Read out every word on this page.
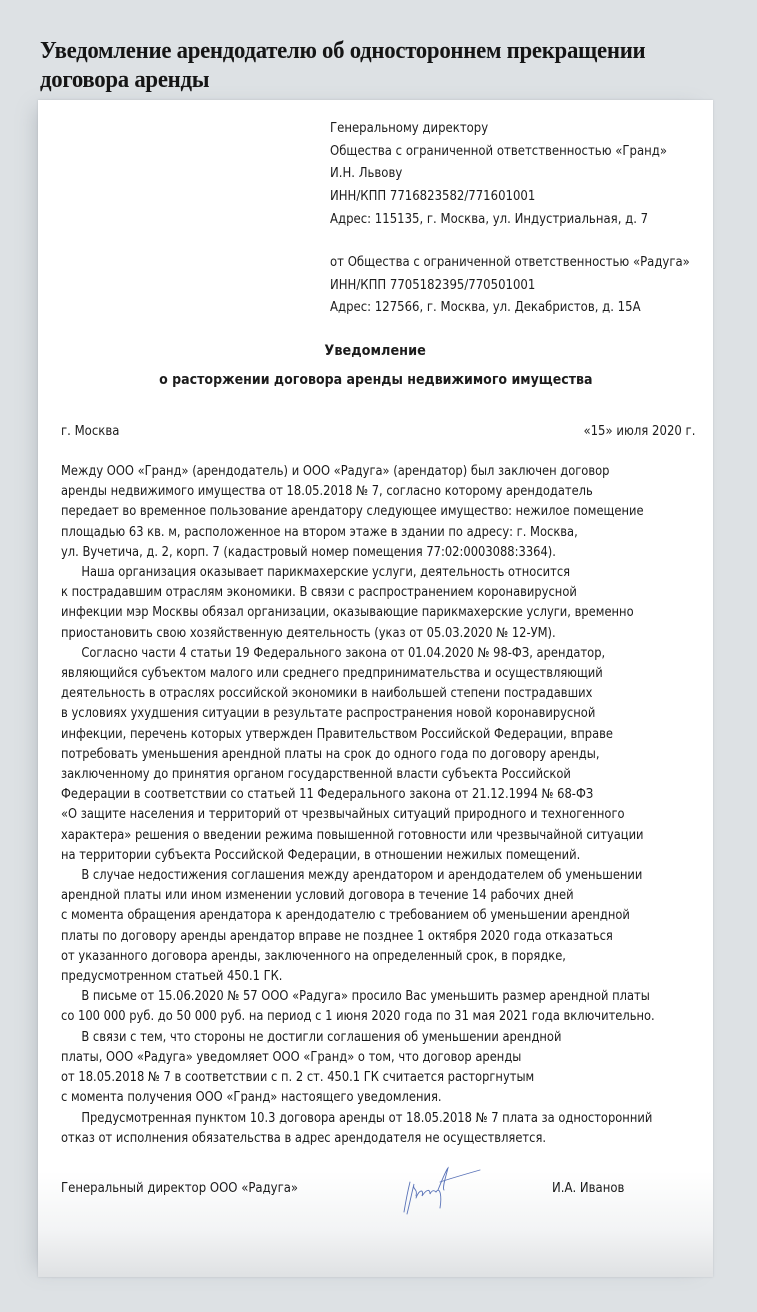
Уведомление арендодателю об одностороннем прекращении
договора аренды
Генеральному директору
Общества с ограниченной ответственностью «Гранд»
И.Н. Львову
ИНН/КПП 7716823582/771601001
Адрес: 115135, г. Москва, ул. Индустриальная, д. 7
от Общества с ограниченной ответственностью «Радуга»
ИНН/КПП 7705182395/770501001
Адрес: 127566, г. Москва, ул. Декабристов, д. 15А
Уведомление
о расторжении договора аренды недвижимого имущества
г. Москва	«15» июля 2020 г.
Между ООО «Гранд» (арендодатель) и ООО «Радуга» (арендатор) был заключен договор
аренды недвижимого имущества от 18.05.2018 № 7, согласно которому арендодатель
передает во временное пользование арендатору следующее имущество: нежилое помещение
площадью 63 кв. м, расположенное на втором этаже в здании по адресу: г. Москва,
ул. Вучетича, д. 2, корп. 7 (кадастровый номер помещения 77:02:0003088:3364).
Наша организация оказывает парикмахерские услуги, деятельность относится
к пострадавшим отраслям экономики. В связи с распространением коронавирусной
инфекции мэр Москвы обязал организации, оказывающие парикмахерские услуги, временно
приостановить свою хозяйственную деятельность (указ от 05.03.2020 № 12-УМ).
Согласно части 4 статьи 19 Федерального закона от 01.04.2020 № 98-ФЗ, арендатор,
являющийся субъектом малого или среднего предпринимательства и осуществляющий
деятельность в отраслях российской экономики в наибольшей степени пострадавших
в условиях ухудшения ситуации в результате распространения новой коронавирусной
инфекции, перечень которых утвержден Правительством Российской Федерации, вправе
потребовать уменьшения арендной платы на срок до одного года по договору аренды,
заключенному до принятия органом государственной власти субъекта Российской
Федерации в соответствии со статьей 11 Федерального закона от 21.12.1994 № 68-ФЗ
«О защите населения и территорий от чрезвычайных ситуаций природного и техногенного
характера» решения о введении режима повышенной готовности или чрезвычайной ситуации
на территории субъекта Российской Федерации, в отношении нежилых помещений.
В случае недостижения соглашения между арендатором и арендодателем об уменьшении
арендной платы или ином изменении условий договора в течение 14 рабочих дней
с момента обращения арендатора к арендодателю с требованием об уменьшении арендной
платы по договору аренды арендатор вправе не позднее 1 октября 2020 года отказаться
от указанного договора аренды, заключенного на определенный срок, в порядке,
предусмотренном статьей 450.1 ГК.
В письме от 15.06.2020 № 57 ООО «Радуга» просило Вас уменьшить размер арендной платы
со 100 000 руб. до 50 000 руб. на период с 1 июня 2020 года по 31 мая 2021 года включительно.
В связи с тем, что стороны не достигли соглашения об уменьшении арендной
платы, ООО «Радуга» уведомляет ООО «Гранд» о том, что договор аренды
от 18.05.2018 № 7 в соответствии с п. 2 ст. 450.1 ГК считается расторгнутым
с момента получения ООО «Гранд» настоящего уведомления.
Предусмотренная пунктом 10.3 договора аренды от 18.05.2018 № 7 плата за односторонний
отказ от исполнения обязательства в адрес арендодателя не осуществляется.
Генеральный директор ООО «Радуга»	И.А. Иванов
